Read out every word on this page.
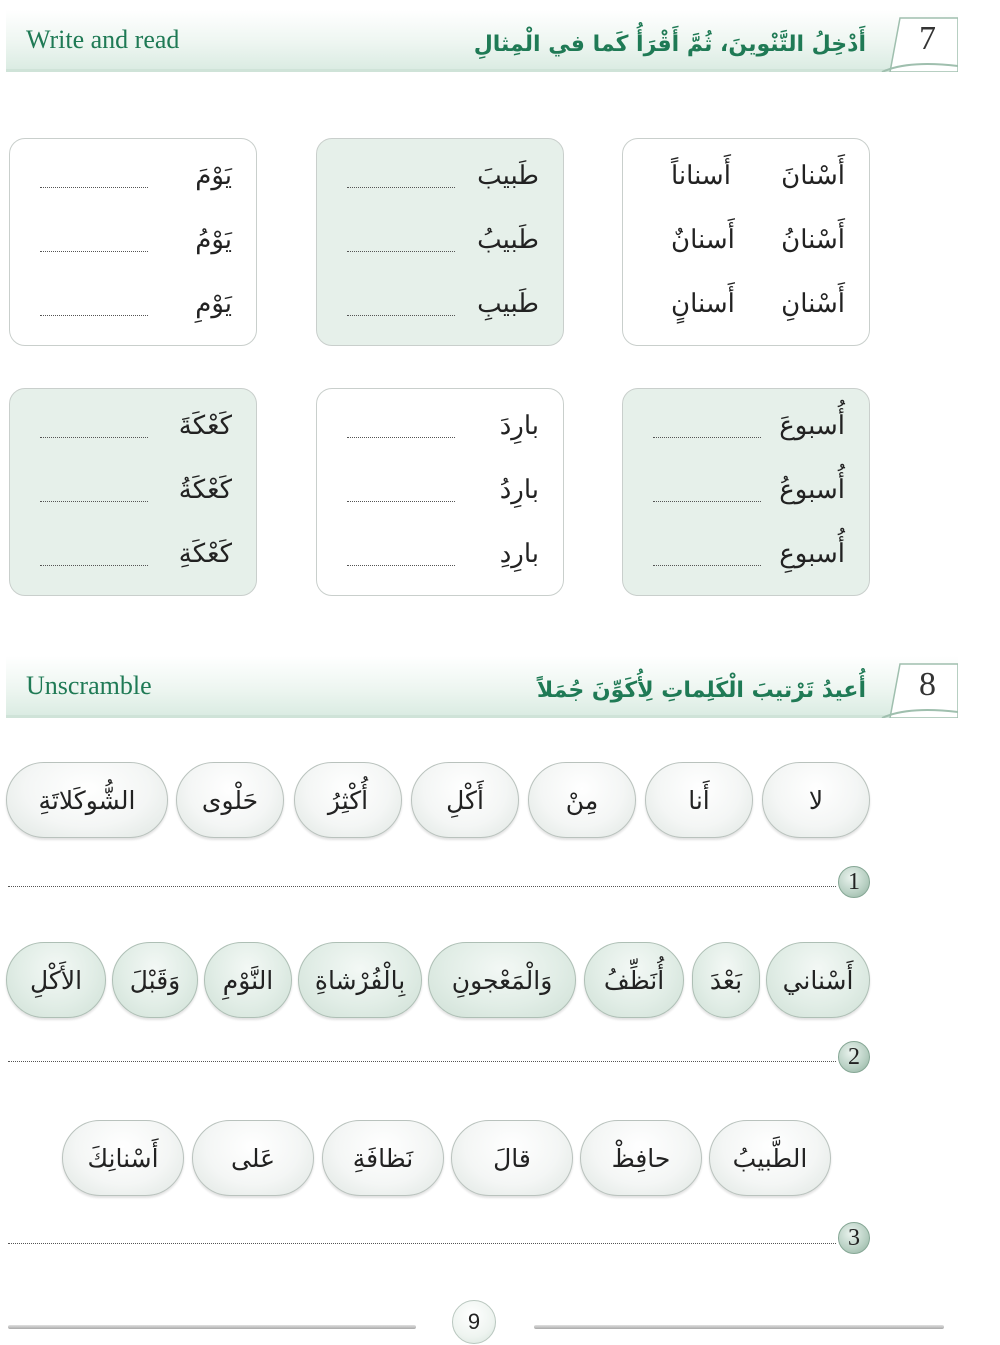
Write and read	أَدْخِلُ التَّنْوينَ، ثُمَّ أَقْرَأُ كَما في الْمِثالِ 7
أَسْنانَ
أَسناناً
أَسْنانُ
أَسنانٌ
أَسْنانِ
أَسنانٍ
طَبيبَ
طَبيبُ
طَبيبِ
يَوْمَ
يَوْمُ
يَوْمِ
أُسبوعَ
أُسبوعُ
أُسبوعِ
بارِدَ
بارِدُ
بارِدِ
كَعْكَةَ
كَعْكَةُ
كَعْكَةِ
Unscramble	أُعيدُ تَرْتيبَ الْكَلِماتِ لِأُكَوِّنَ جُمَلاً 8
لا
أَنا
مِنْ
أَكْلِ
أُكْثِرُ
حَلْوى
الشُّوكَلاتَةِ
1
أَسْناني
بَعْدَ
أُنَظِّفُ
وَالْمَعْجونِ
بِالْفُرْشاةِ
النَّوْمِ
وَقَبْلَ
الأَكْلِ
2
الطَّبيبُ
حافِظْ
قالَ
نَظافَةِ
عَلى
أَسْنانِكَ
3
9
